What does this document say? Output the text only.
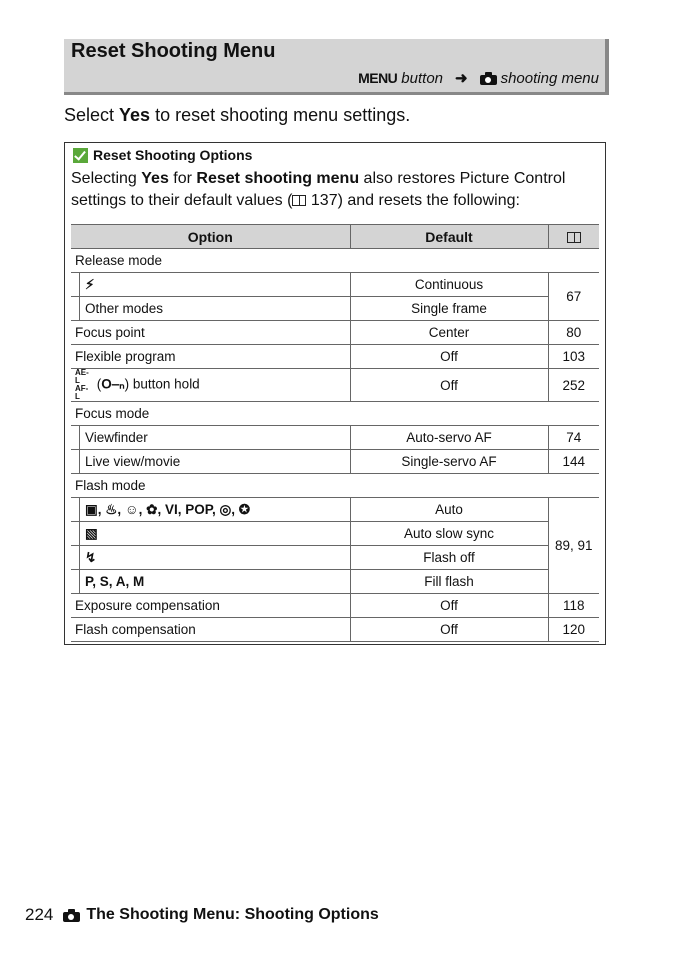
Reset Shooting Menu
MENU button ➜ shooting menu
Select Yes to reset shooting menu settings.
Reset Shooting Options
Selecting Yes for Reset shooting menu also restores Picture Control settings to their default values ( 137) and resets the following:
Option	Default	
Release mode		

⚡︎	Continuous	67

Other modes	Single frame	
Focus point	Center	80
Flexible program	Off	103
AE-L AF-L (O‒ₙ) button hold	Off	252
Focus mode		

Viewfinder	Auto-servo AF	74

Live view/movie	Single-servo AF	144
Flash mode		

▣, ♨, ☺, ✿, VI, POP, ◎, ✪	Auto	89, 91

▧	Auto slow sync	

↯	Flash off	

P, S, A, M	Fill flash	
Exposure compensation	Off	118
Flash compensation	Off	120
224 The Shooting Menu: Shooting Options
